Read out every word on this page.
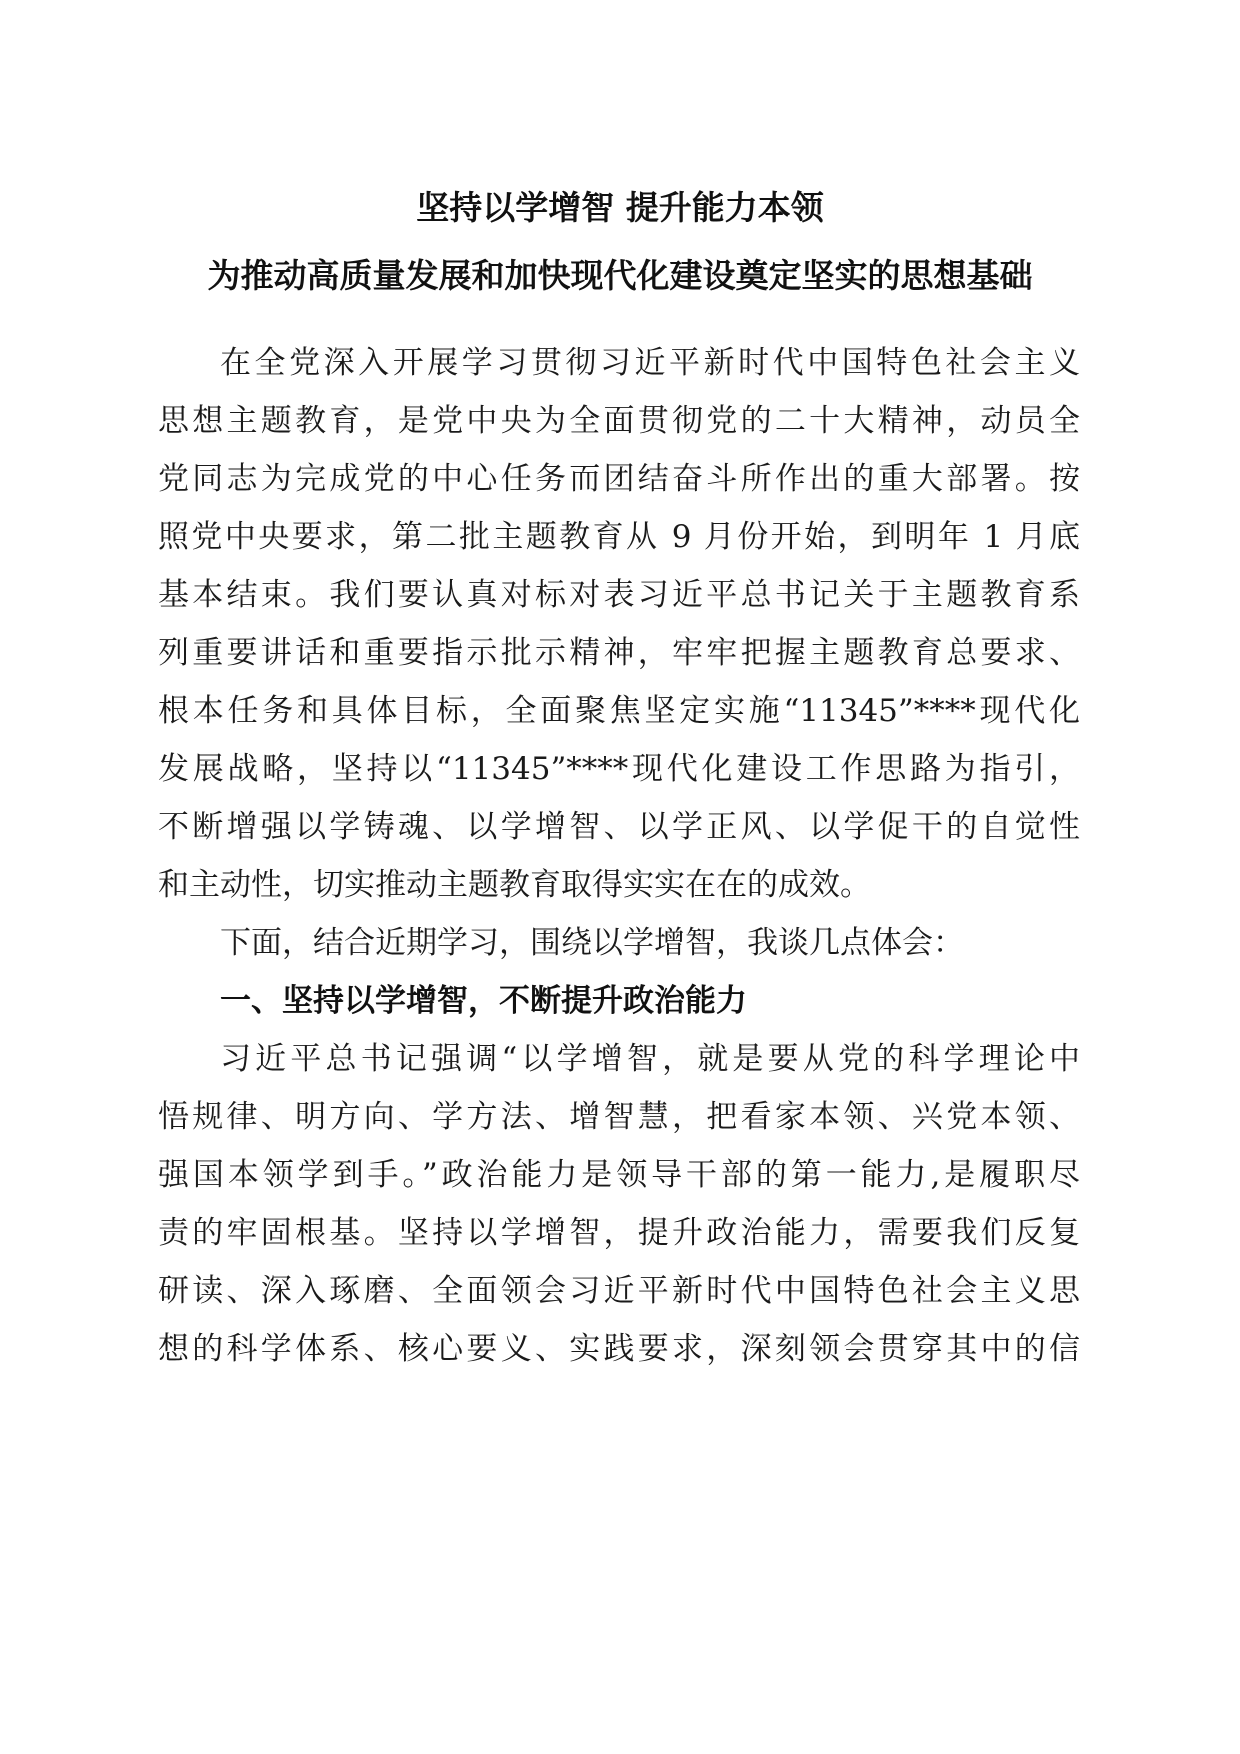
坚持以学增智 提升能力本领
为推动高质量发展和加快现代化建设奠定坚实的思想基础
在全党深入开展学习贯彻习近平新时代中国特色社会主义
思想主题教育，是党中央为全面贯彻党的二十大精神，动员全
党同志为完成党的中心任务而团结奋斗所作出的重大部署。按
照党中央要求，第二批主题教育从 9 月份开始，到明年 1 月底
基本结束。我们要认真对标对表习近平总书记关于主题教育系
列重要讲话和重要指示批示精神，牢牢把握主题教育总要求、
根本任务和具体目标，全面聚焦坚定实施“11345”****现代化
发展战略，坚持以“11345”****现代化建设工作思路为指引，
不断增强以学铸魂、以学增智、以学正风、以学促干的自觉性
和主动性，切实推动主题教育取得实实在在的成效。
下面，结合近期学习，围绕以学增智，我谈几点体会：
一、坚持以学增智，不断提升政治能力
习近平总书记强调“以学增智，就是要从党的科学理论中
悟规律、明方向、学方法、增智慧，把看家本领、兴党本领、
强国本领学到手。”政治能力是领导干部的第一能力,是履职尽
责的牢固根基。坚持以学增智，提升政治能力，需要我们反复
研读、深入琢磨、全面领会习近平新时代中国特色社会主义思
想的科学体系、核心要义、实践要求，深刻领会贯穿其中的信
